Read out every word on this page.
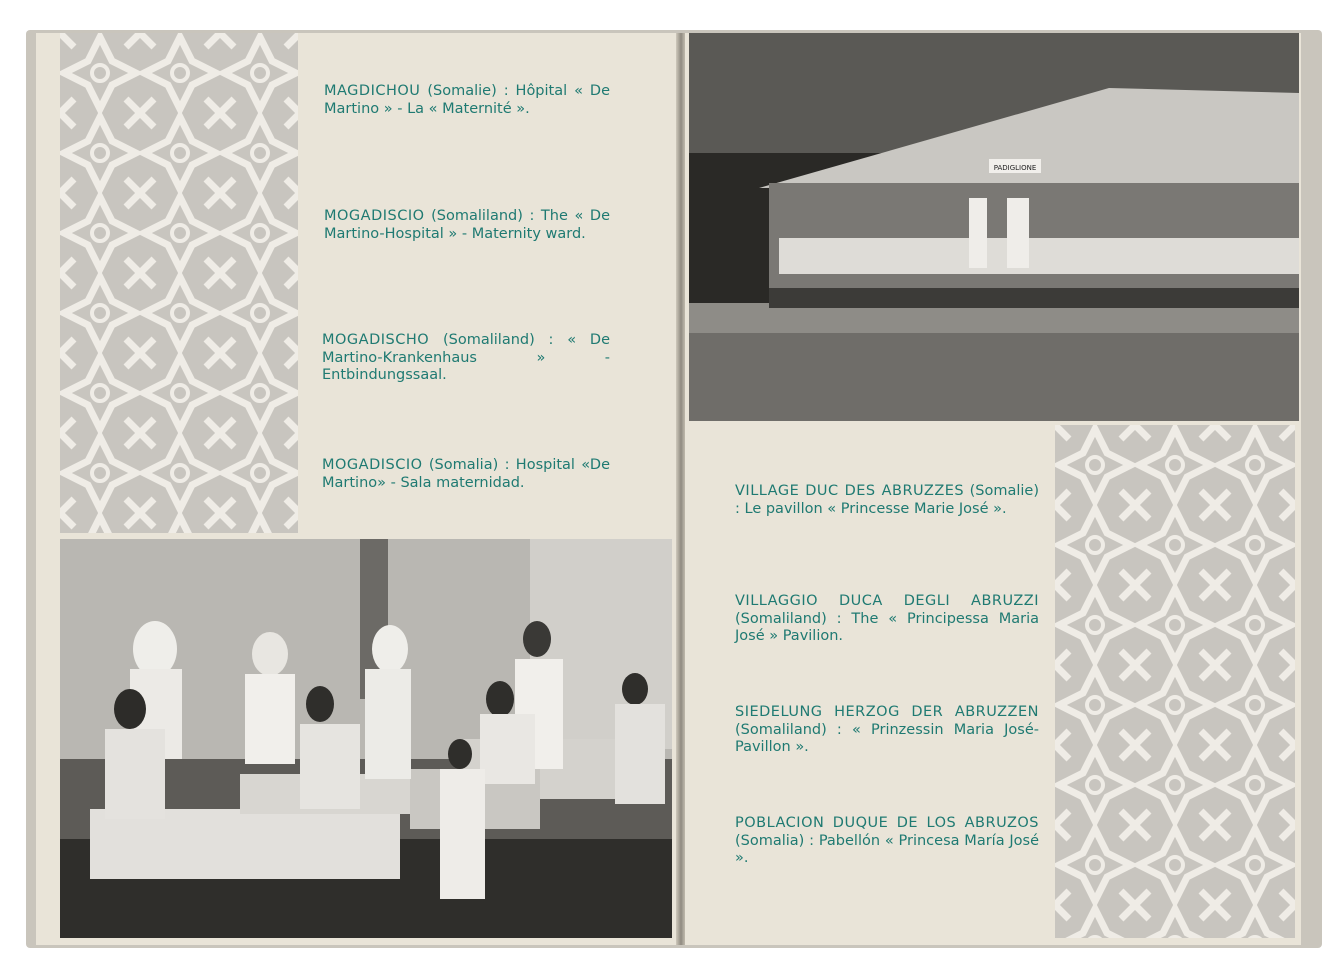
MAGDICHOU (Somalie) : Hôpital « De Martino » - La « Maternité ».
MOGADISCIO (Somaliland) : The « De Martino-Hospital » - Maternity ward.
MOGADISCHO (Somaliland) : « De Martino-Krankenhaus » - Entbindungssaal.
MOGADISCIO (Somalia) : Hospital «De Martino» - Sala maternidad.
PADIGLIONE
VILLAGE DUC DES ABRUZZES (Somalie) : Le pavillon « Princesse Marie José ».
VILLAGGIO DUCA DEGLI ABRUZZI (Somaliland) : The « Principessa Maria José » Pavilion.
SIEDELUNG HERZOG DER ABRUZZEN (Somaliland) : « Prinzessin Maria José-Pavillon ».
POBLACION DUQUE DE LOS ABRUZOS (Somalia) : Pabellón « Princesa María José ».
